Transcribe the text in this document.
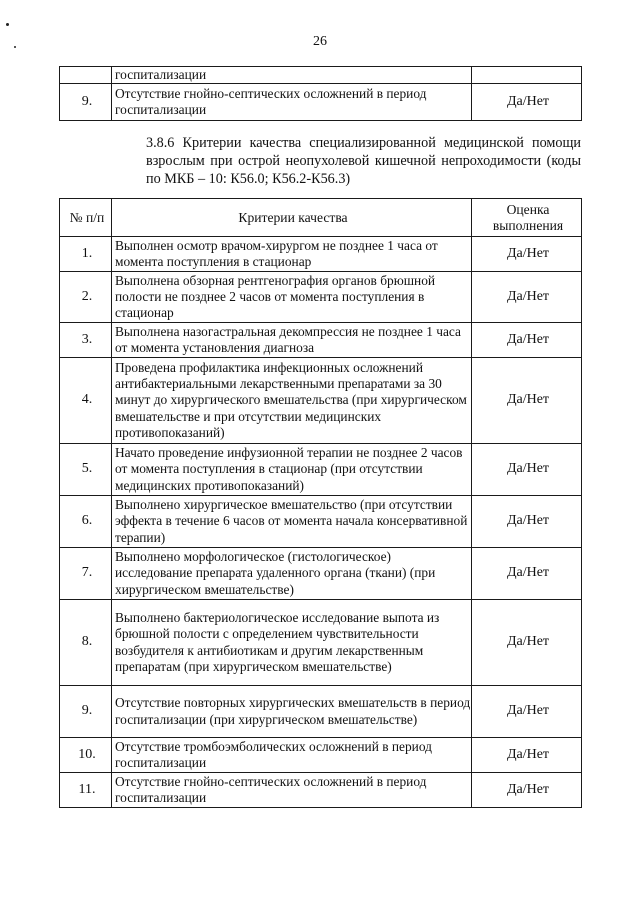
26
	госпитализации	
9.	Отсутствие гнойно-септических осложнений в период госпитализации	Да/Нет
3.8.6 Критерии качества специализированной медицинской помощи взрослым при острой неопухолевой кишечной непроходимости (коды по МКБ – 10: К56.0; К56.2-К56.3)
№ п/п	Критерии качества	Оценка выполнения
1.	Выполнен осмотр врачом-хирургом не позднее 1 часа от момента поступления в стационар	Да/Нет
2.	Выполнена обзорная рентгенография органов брюшной полости не позднее 2 часов от момента поступления в стационар	Да/Нет
3.	Выполнена назогастральная декомпрессия не позднее 1 часа от момента установления диагноза	Да/Нет
4.	Проведена профилактика инфекционных осложнений антибактериальными лекарственными препаратами за 30 минут до хирургического вмешательства (при хирургическом вмешательстве и при отсутствии медицинских противопоказаний)	Да/Нет
5.	Начато проведение инфузионной терапии не позднее 2 часов от момента поступления в стационар (при отсутствии медицинских противопоказаний)	Да/Нет
6.	Выполнено хирургическое вмешательство (при отсутствии эффекта в течение 6 часов от момента начала консервативной терапии)	Да/Нет
7.	Выполнено морфологическое (гистологическое) исследование препарата удаленного органа (ткани) (при хирургическом вмешательстве)	Да/Нет
8.	Выполнено бактериологическое исследование выпота из брюшной полости с определением чувствительности возбудителя к антибиотикам и другим лекарственным препаратам (при хирургическом вмешательстве)	Да/Нет
9.	Отсутствие повторных хирургических вмешательств в период госпитализации (при хирургическом вмешательстве)	Да/Нет
10.	Отсутствие тромбоэмболических осложнений в период госпитализации	Да/Нет
11.	Отсутствие гнойно-септических осложнений в период госпитализации	Да/Нет
